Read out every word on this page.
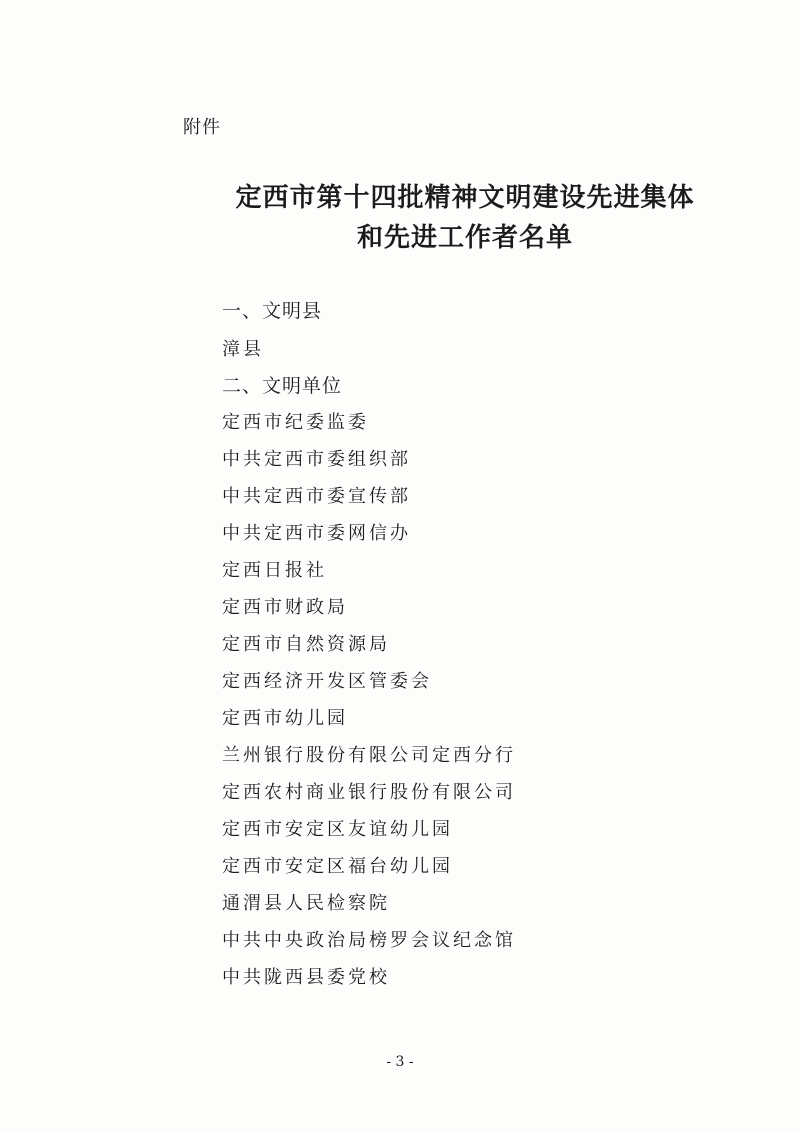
附件
定西市第十四批精神文明建设先进集体
和先进工作者名单
一、文明县
漳县
二、文明单位
定西市纪委监委
中共定西市委组织部
中共定西市委宣传部
中共定西市委网信办
定西日报社
定西市财政局
定西市自然资源局
定西经济开发区管委会
定西市幼儿园
兰州银行股份有限公司定西分行
定西农村商业银行股份有限公司
定西市安定区友谊幼儿园
定西市安定区福台幼儿园
通渭县人民检察院
中共中央政治局榜罗会议纪念馆
中共陇西县委党校
- 3 -
